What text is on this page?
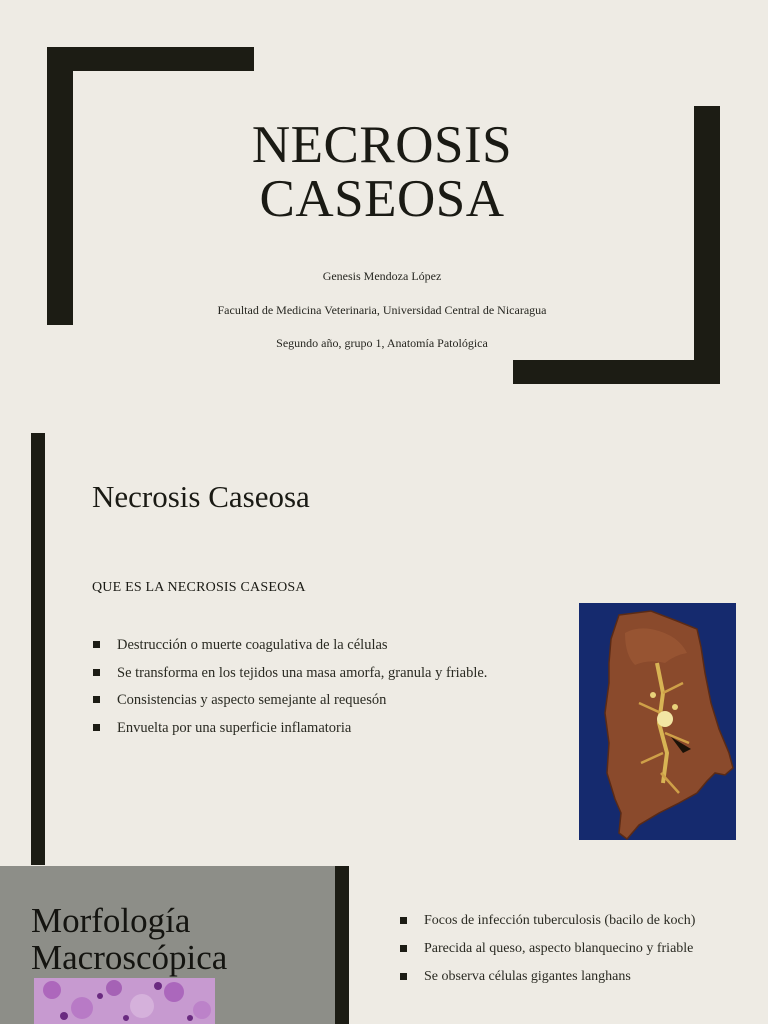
NECROSIS
CASEOSA
Genesis Mendoza López
Facultad de Medicina Veterinaria, Universidad Central de Nicaragua
Segundo año, grupo 1, Anatomía Patológica
Necrosis Caseosa
QUE ES LA NECROSIS CASEOSA
Destrucción o muerte coagulativa de la células
Se transforma en los tejidos una masa amorfa, granula y friable.
Consistencias y aspecto semejante al requesón
Envuelta por una superficie inflamatoria
Morfología
Macroscópica
Focos de infección tuberculosis (bacilo de koch)
Parecida al queso, aspecto blanquecino y friable
Se observa células gigantes langhans
